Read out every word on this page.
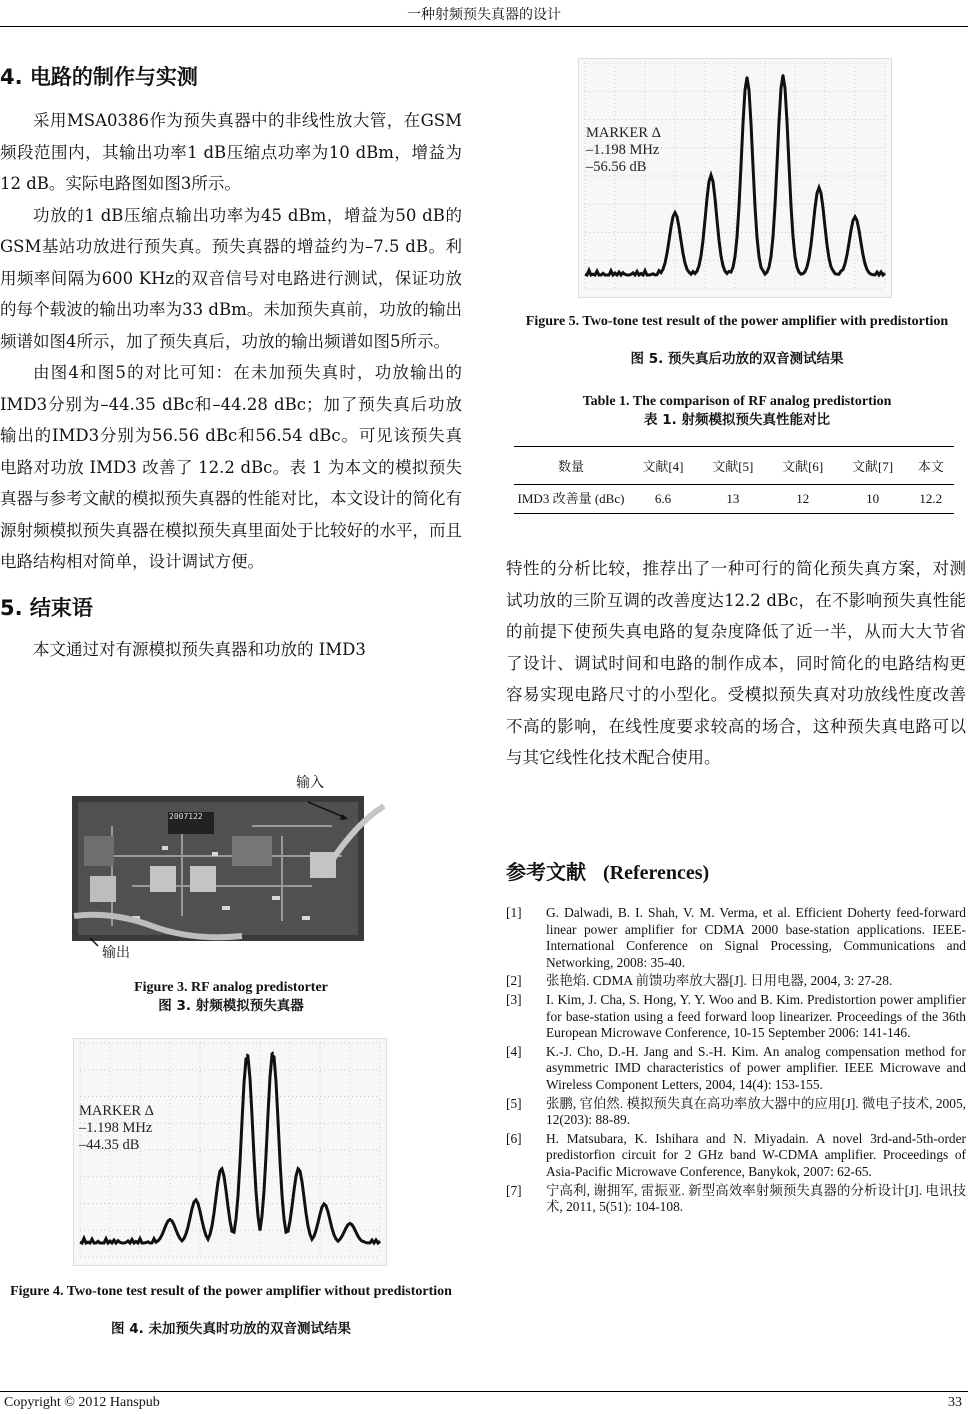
一种射频预失真器的设计
4. 电路的制作与实测

采用MSA0386作为预失真器中的非线性放大管，在GSM频段范围内，其输出功率1 dB压缩点功率为10 dBm，增益为12 dB。实际电路图如图3所示。

功放的1 dB压缩点输出功率为45 dBm，增益为50 dB的GSM基站功放进行预失真。预失真器的增益约为–7.5 dB。利用频率间隔为600 KHz的双音信号对电路进行测试，保证功放的每个载波的输出功率为33 dBm。未加预失真前，功放的输出频谱如图4所示，加了预失真后，功放的输出频谱如图5所示。

由图4和图5的对比可知：在未加预失真时，功放输出的IMD3分别为–44.35 dBc和–44.28 dBc；加了预失真后功放输出的IMD3分别为56.56 dBc和56.54 dBc。可见该预失真电路对功放 IMD3 改善了 12.2 dBc。表 1 为本文的模拟预失真器与参考文献的模拟预失真器的性能对比，本文设计的简化有源射频模拟预失真器在模拟预失真里面处于比较好的水平，而且电路结构相对简单，设计调试方便。

5. 结束语

本文通过对有源模拟预失真器和功放的 IMD3

2007122
输入
输出
Figure 3. RF analog predistorter
图 3. 射频模拟预失真器
MARKER Δ
–1.198 MHz
–44.35 dB
Figure 4. Two-tone test result of the power amplifier without predistortion
图 4. 未加预失真时功放的双音测试结果
MARKER Δ
–1.198 MHz
–56.56 dB
Figure 5. Two-tone test result of the power amplifier with predistortion
图 5. 预失真后功放的双音测试结果
Table 1. The comparison of RF analog predistortion
表 1. 射频模拟预失真性能对比
数量	文献[4]	文献[5]	文献[6]	文献[7]	本文
IMD3 改善量 (dBc)	6.6	13	12	10	12.2

特性的分析比较，推荐出了一种可行的简化预失真方案，对测试功放的三阶互调的改善度达12.2 dBc，在不影响预失真性能的前提下使预失真电路的复杂度降低了近一半，从而大大节省了设计、调试时间和电路的制作成本，同时简化的电路结构更容易实现电路尺寸的小型化。受模拟预失真对功放线性度改善不高的影响，在线性度要求较高的场合，这种预失真电路可以与其它线性化技术配合使用。

参考文献 (References)
[1]	G. Dalwadi, B. I. Shah, V. M. Verma, et al. Efficient Doherty feed-forward linear power amplifier for CDMA 2000 base-station applications. IEEE-International Conference on Signal Processing, Communications and Networking, 2008: 35-40.
[2]	张艳焰. CDMA 前馈功率放大器[J]. 日用电器, 2004, 3: 27-28.
[3]	I. Kim, J. Cha, S. Hong, Y. Y. Woo and B. Kim. Predistortion power amplifier for base-station using a feed forward loop linearizer. Proceedings of the 36th European Microwave Conference, 10-15 September 2006: 141-146.
[4]	K.-J. Cho, D.-H. Jang and S.-H. Kim. An analog compensation method for asymmetric IMD characteristics of power amplifier. IEEE Microwave and Wireless Component Letters, 2004, 14(4): 153-155.
[5]	张鹏, 官伯然. 模拟预失真在高功率放大器中的应用[J]. 微电子技术, 2005, 12(203): 88-89.
[6]	H. Matsubara, K. Ishihara and N. Miyadain. A novel 3rd-and-5th-order predistorfion circuit for 2 GHz band W-CDMA amplifier. Proceedings of Asia-Pacific Microwave Conference, Banykok, 2007: 62-65.
[7]	宁高利, 谢拥军, 雷振亚. 新型高效率射频预失真器的分析设计[J]. 电讯技术, 2011, 5(51): 104-108.
Copyright © 2012 Hanspub	33
